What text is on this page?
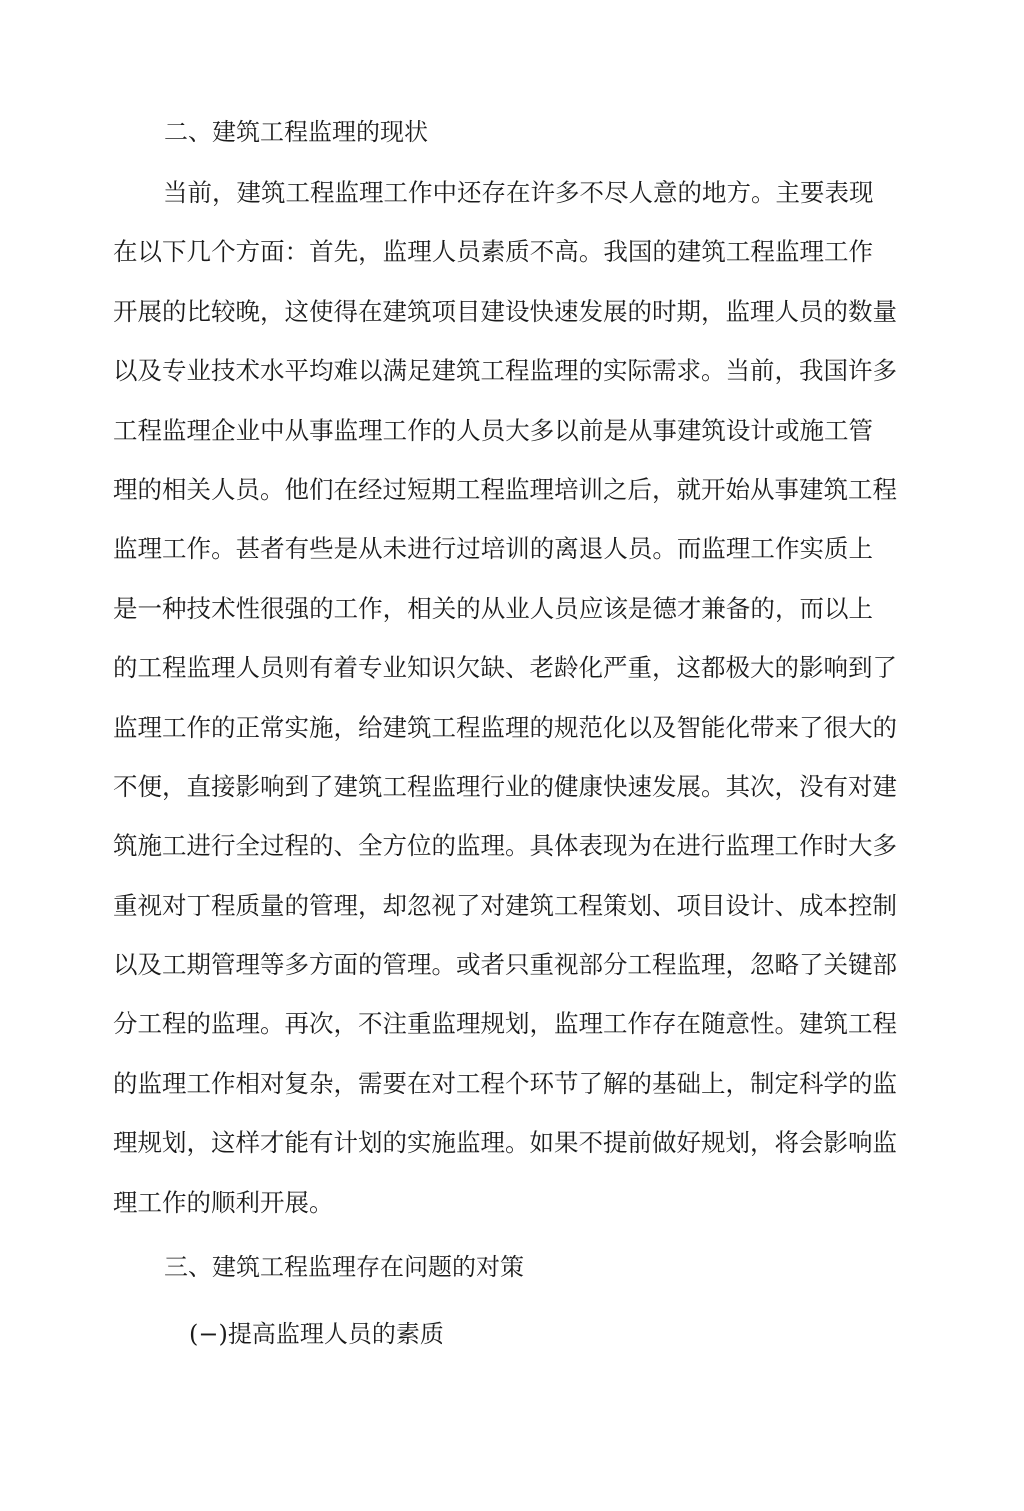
二、建筑工程监理的现状
当前，建筑工程监理工作中还存在许多不尽人意的地方。主要表现
在以下几个方面：首先，监理人员素质不高。我国的建筑工程监理工作
开展的比较晚，这使得在建筑项目建设快速发展的时期，监理人员的数量
以及专业技术水平均难以满足建筑工程监理的实际需求。当前，我国许多
工程监理企业中从事监理工作的人员大多以前是从事建筑设计或施工管
理的相关人员。他们在经过短期工程监理培训之后，就开始从事建筑工程
监理工作。甚者有些是从未进行过培训的离退人员。而监理工作实质上
是一种技术性很强的工作，相关的从业人员应该是德才兼备的，而以上
的工程监理人员则有着专业知识欠缺、老龄化严重，这都极大的影响到了
监理工作的正常实施，给建筑工程监理的规范化以及智能化带来了很大的
不便，直接影响到了建筑工程监理行业的健康快速发展。其次，没有对建
筑施工进行全过程的、全方位的监理。具体表现为在进行监理工作时大多
重视对丁程质量的管理，却忽视了对建筑工程策划、项目设计、成本控制
以及工期管理等多方面的管理。或者只重视部分工程监理，忽略了关键部
分工程的监理。再次，不注重监理规划，监理工作存在随意性。建筑工程
的监理工作相对复杂，需要在对工程个环节了解的基础上，制定科学的监
理规划，这样才能有计划的实施监理。如果不提前做好规划，将会影响监
理工作的顺利开展。
三、建筑工程监理存在问题的对策
(−)提高监理人员的素质
